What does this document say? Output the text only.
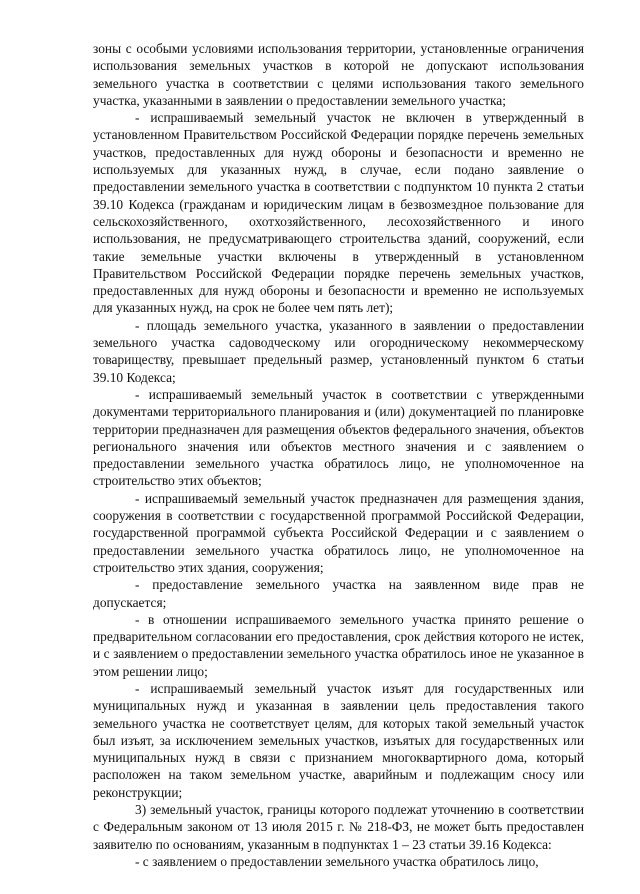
зоны с особыми условиями использования территории, установленные ограничения использования земельных участков в которой не допускают использования земельного участка в соответствии с целями использования такого земельного участка, указанными в заявлении о предоставлении земельного участка;

- испрашиваемый земельный участок не включен в утвержденный в установленном Правительством Российской Федерации порядке перечень земельных участков, предоставленных для нужд обороны и безопасности и временно не используемых для указанных нужд, в случае, если подано заявление о предоставлении земельного участка в соответствии с подпунктом 10 пункта 2 статьи 39.10 Кодекса (гражданам и юридическим лицам в безвозмездное пользование для сельскохозяйственного, охотхозяйственного, лесохозяйственного и иного использования, не предусматривающего строительства зданий, сооружений, если такие земельные участки включены в утвержденный в установленном Правительством Российской Федерации порядке перечень земельных участков, предоставленных для нужд обороны и безопасности и временно не используемых для указанных нужд, на срок не более чем пять лет);

- площадь земельного участка, указанного в заявлении о предоставлении земельного участка садоводческому или огородническому некоммерческому товариществу, превышает предельный размер, установленный пунктом 6 статьи 39.10 Кодекса;

- испрашиваемый земельный участок в соответствии с утвержденными документами территориального планирования и (или) документацией по планировке территории предназначен для размещения объектов федерального значения, объектов регионального значения или объектов местного значения и с заявлением о предоставлении земельного участка обратилось лицо, не уполномоченное на строительство этих объектов;

- испрашиваемый земельный участок предназначен для размещения здания, сооружения в соответствии с государственной программой Российской Федерации, государственной программой субъекта Российской Федерации и с заявлением о предоставлении земельного участка обратилось лицо, не уполномоченное на строительство этих здания, сооружения;

- предоставление земельного участка на заявленном виде прав не допускается;

- в отношении испрашиваемого земельного участка принято решение о предварительном согласовании его предоставления, срок действия которого не истек, и с заявлением о предоставлении земельного участка обратилось иное не указанное в этом решении лицо;

- испрашиваемый земельный участок изъят для государственных или муниципальных нужд и указанная в заявлении цель предоставления такого земельного участка не соответствует целям, для которых такой земельный участок был изъят, за исключением земельных участков, изъятых для государственных или муниципальных нужд в связи с признанием многоквартирного дома, который расположен на таком земельном участке, аварийным и подлежащим сносу или реконструкции;

3) земельный участок, границы которого подлежат уточнению в соответствии с Федеральным законом от 13 июля 2015 г. № 218-ФЗ, не может быть предоставлен заявителю по основаниям, указанным в подпунктах 1 – 23 статьи 39.16 Кодекса:

- с заявлением о предоставлении земельного участка обратилось лицо,
